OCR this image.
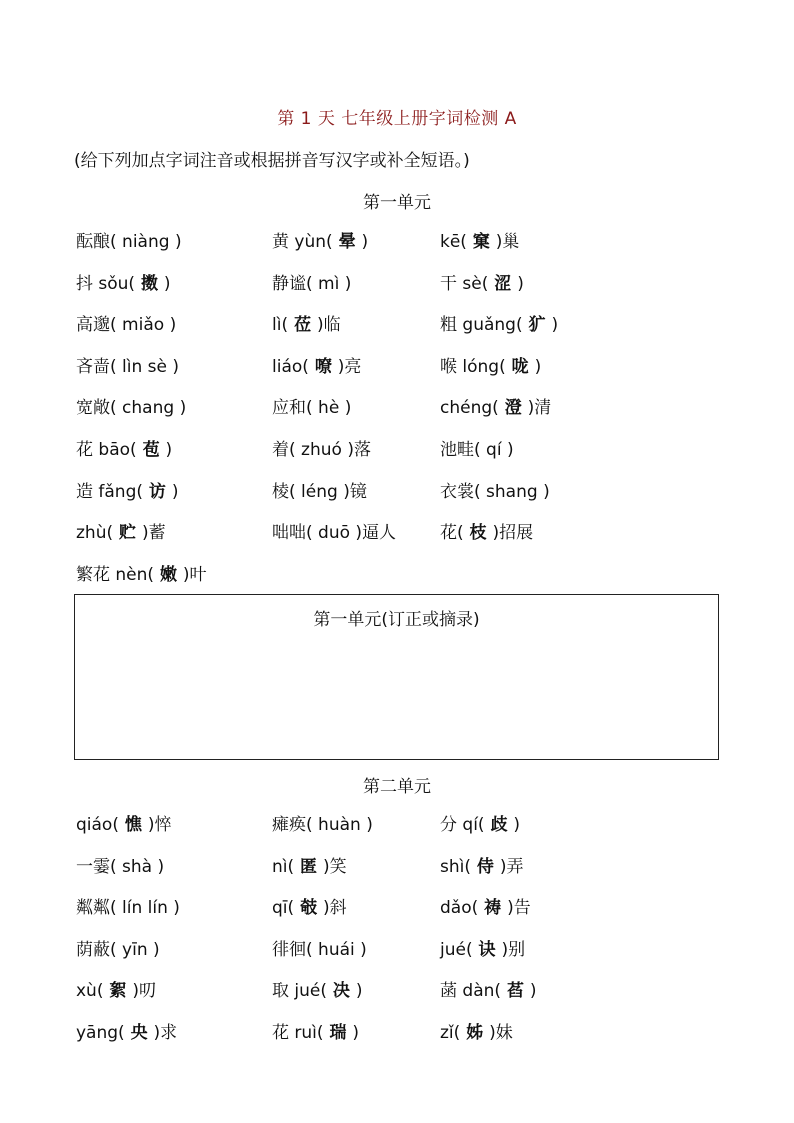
第 1 天 七年级上册字词检测 A
(给下列加点字词注音或根据拼音写汉字或补全短语。)
第一单元
酝酿( niàng )	黄 yùn( 晕 )	kē( 窠 )巢
抖 sǒu( 擞 )	静谧( mì )	干 sè( 涩 )
高邈( miǎo )	lì( 莅 )临	粗 guǎng( 犷 )
吝啬( lìn sè )	liáo( 嘹 )亮	喉 lóng( 咙 )
宽敞( chang )	应和( hè )	chéng( 澄 )清
花 bāo( 苞 )	着( zhuó )落	池畦( qí )
造 fǎng( 访 )	棱( léng )镜	衣裳( shang )
zhù( 贮 )蓄	咄咄( duō )逼人	花( 枝 )招展
繁花 nèn( 嫩 )叶
第一单元(订正或摘录)
第二单元
qiáo( 憔 )悴	瘫痪( huàn )	分 qí( 歧 )
一霎( shà )	nì( 匿 )笑	shì( 侍 )弄
粼粼( lín lín )	qī( 攲 )斜	dǎo( 祷 )告
荫蔽( yīn )	徘徊( huái )	jué( 诀 )别
xù( 絮 )叨	取 jué( 决 )	菡 dàn( 萏 )
yāng( 央 )求	花 ruì( 瑞 )	zǐ( 姊 )妹
